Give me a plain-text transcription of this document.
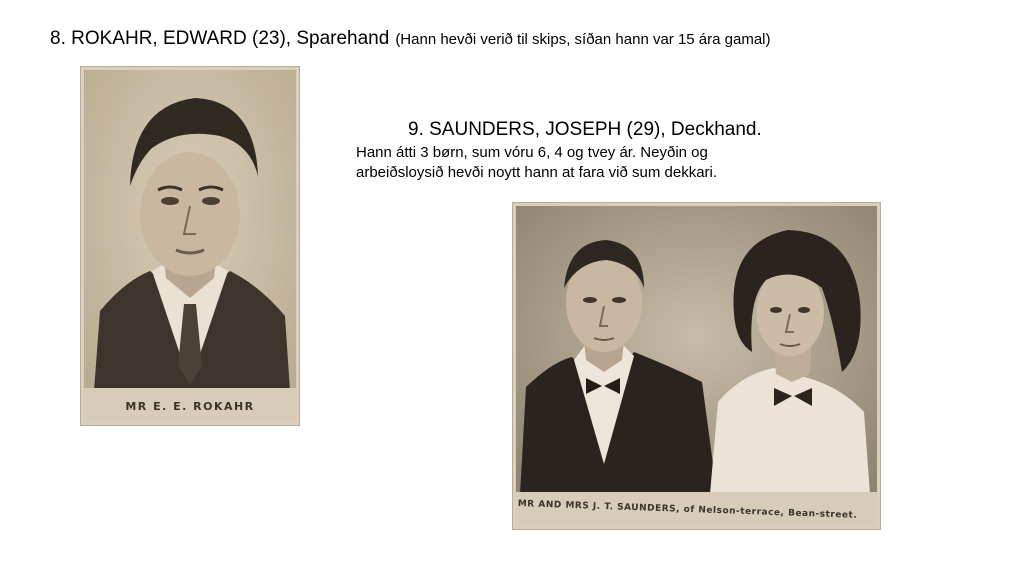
8. ROKAHR, EDWARD (23), Sparehand (Hann hevði verið til skips, síðan hann var 15 ára gamal)
9. SAUNDERS, JOSEPH (29), Deckhand.
Hann átti 3 børn, sum vóru 6, 4 og tvey ár. Neyðin og
arbeiðsloysið hevði noytt hann at fara við sum dekkari.
MR E. E. ROKAHR
MR AND MRS J. T. SAUNDERS, of Nelson-terrace, Bean-street.
